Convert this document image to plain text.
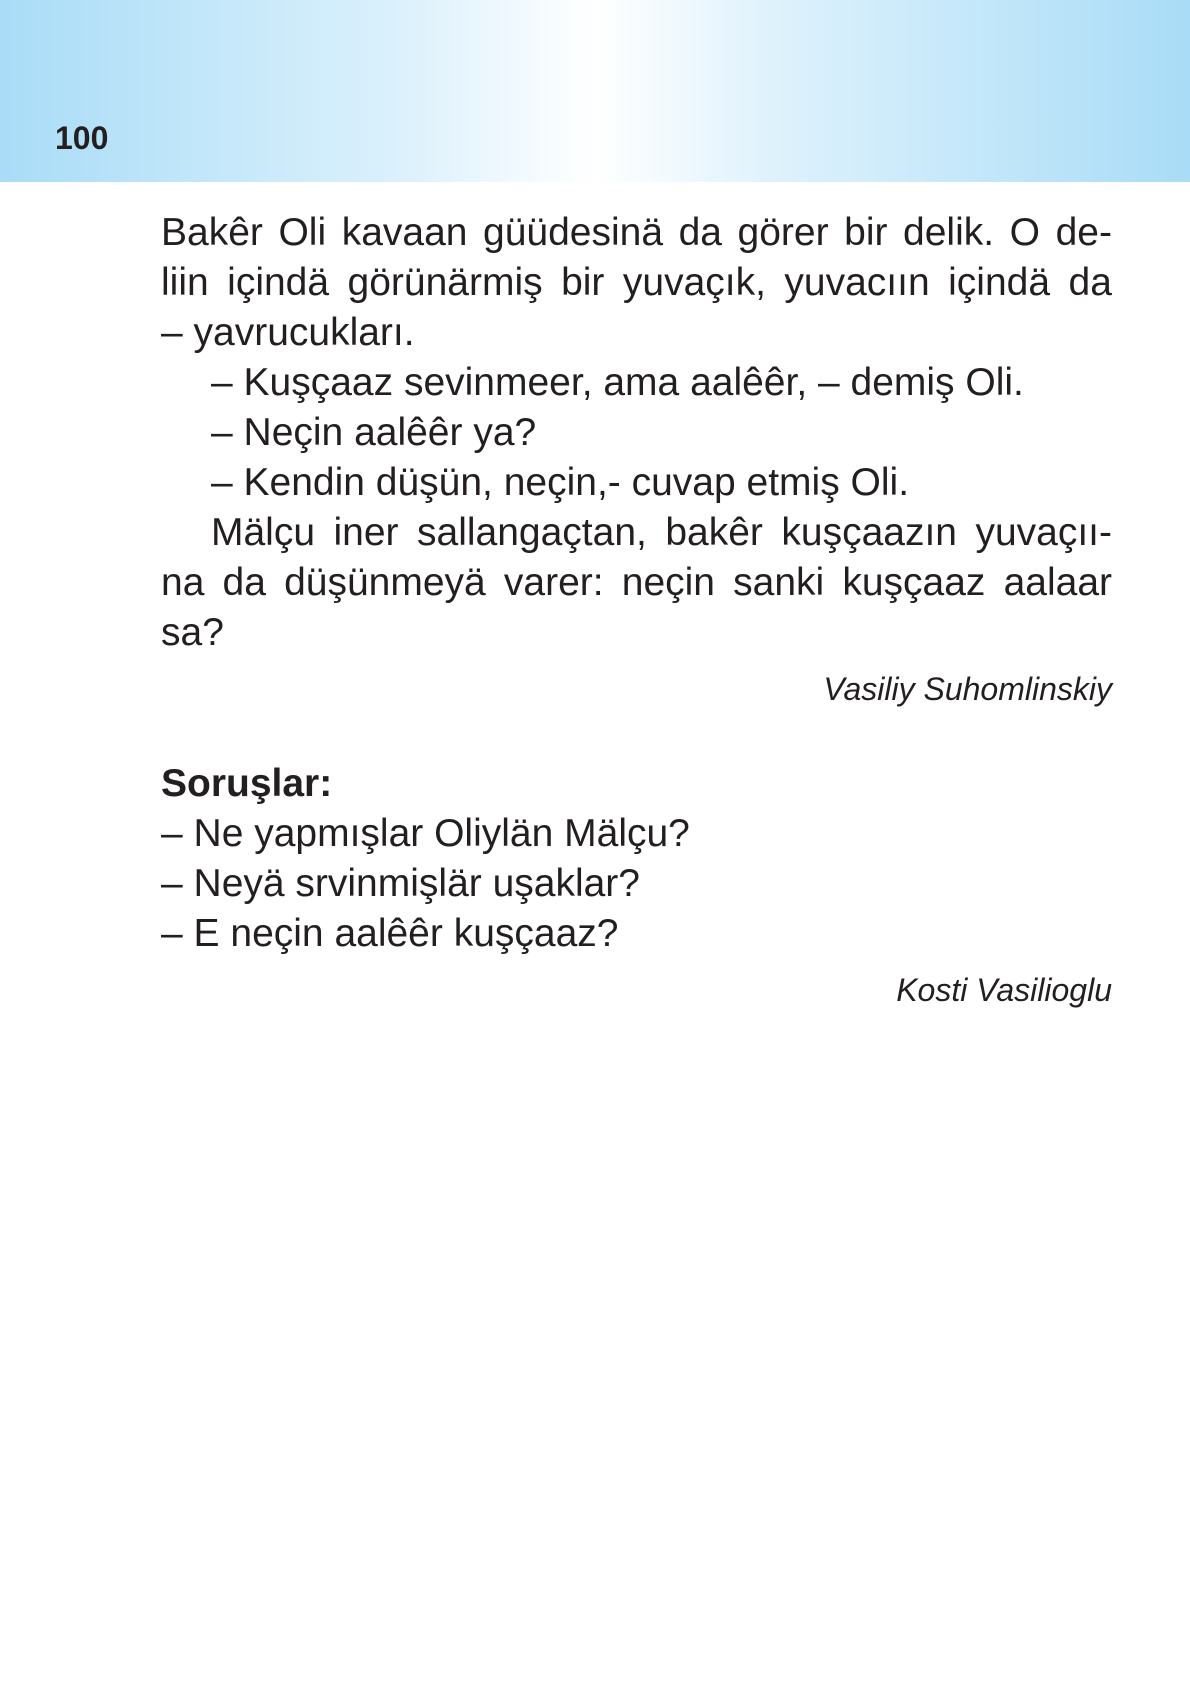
100
Bakêr Oli kavaan güüdesinä da görer bir delik. O de-
liin içindä görünärmiş bir yuvaçık, yuvacıın içindä da
– yavrucukları.
– Kuşçaaz sevinmeer, ama aalêêr, – demiş Oli.
– Neçin aalêêr ya?
– Kendin düşün, neçin,- cuvap etmiş Oli.
Mälçu iner sallangaçtan, bakêr kuşçaazın yuvaçıı-
na da düşünmeyä varer: neçin sanki kuşçaaz aalaar
sa?
Vasiliy Suhomlinskiy
Soruşlar:
– Ne yapmışlar Oliylän Mälçu?
– Neyä srvinmişlär uşaklar?
– E neçin aalêêr kuşçaaz?
Kosti Vasilioglu
